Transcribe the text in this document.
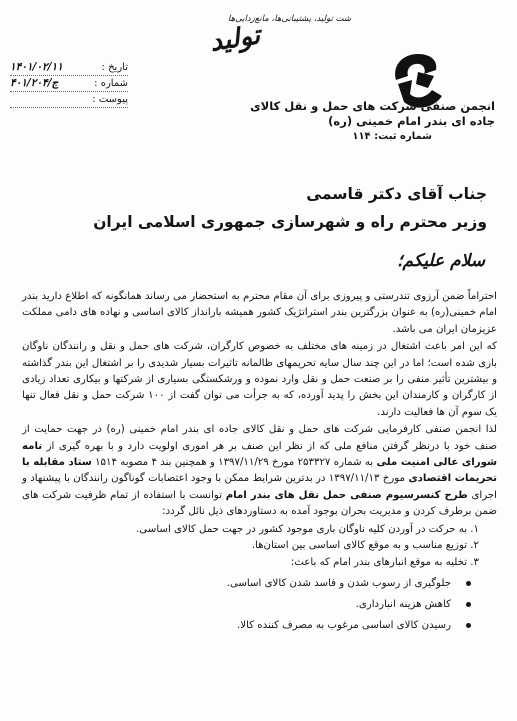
شت تولید، پشتیبانی‌ها، مانع‌زدایی‌ها
تولید
انجمن صنفی شرکت های حمل و نقل کالای جاده ای بندر امام خمینی (ره)
شماره ثبت: ۱۱۴
تاریخ :
۱۴۰۱/۰۲/۱۱
شماره :
۴۰۱/ج/۲۰۴
پیوست :
جناب آقای دکتر قاسمی
وزیر محترم راه و شهرسازی جمهوری اسلامی ایران
سلام علیکم؛

احتراماً ضمن آرزوی تندرستی و پیروزی برای آن مقام محترم به استحضار می رساند همانگونه که اطلاع دارید بندر امام خمینی(ره) به عنوان بزرگترین بندر استراتژیک کشور همیشه بارانداز کالای اساسی و نهاده های دامی مملکت عزیزمان ایران می باشد.

که این امر باعث اشتغال در زمینه های مختلف به خصوص کارگران، شرکت های حمل و نقل و رانندگان ناوگان باری شده است؛ اما در این چند سال سایه تحریمهای ظالمانه تاثیرات بسیار شدیدی را بر اشتغال این بندر گذاشته و بیشترین تأثیر منفی را بر صنعت حمل و نقل وارد نموده و ورشکستگی بسیاری از شرکتها و بیکاری تعداد زیادی از کارگران و کارمندان این بخش را پدید آورده، که به جرأت می توان گفت از ۱۰۰ شرکت حمل و نقل فعال تنها یک سوم آن ها فعالیت دارند.

لذا انجمن صنفی کارفرمایی شرکت های حمل و نقل کالای جاده ای بندر امام خمینی (ره) در جهت حمایت از صنف خود با درنظر گرفتن منافع ملی که از نظر این صنف بر هر اموری اولویت دارد و با بهره گیری از نامه شورای عالی امنیت ملی به شماره ۲۵۳۳۲۷ مورخ ۱۳۹۷/۱۱/۲۹ و همچنین بند ۴ مصوبه ۱۵۱۴ ستاد مقابله با تحریمات اقتصادی مورخ ۱۳۹۷/۱۱/۱۳ در بدترین شرایط ممکن با وجود اعتصابات گوناگون رانندگان با پیشنهاد و اجرای طرح کنسرسیوم صنفی حمل نقل های بندر امام توانست با استفاده از تمام ظرفیت شرکت های ضمن برطرف کردن و مدیریت بحران بوجود آمده به دستاوردهای ذیل نائل گردد:

۱. به حرکت در آوردن کلیه ناوگان باری موجود کشور در جهت حمل کالای اساسی.
۲. توزیع مناسب و به موقع کالای اساسی بین استان‌ها.
۳. تخلیه به موقع انبارهای بندر امام که باعث:
جلوگیری از رسوب شدن و فاسد شدن کالای اساسی.
کاهش هزینه انبارداری.
رسیدن کالای اساسی مرغوب به مصرف کننده کالا.
